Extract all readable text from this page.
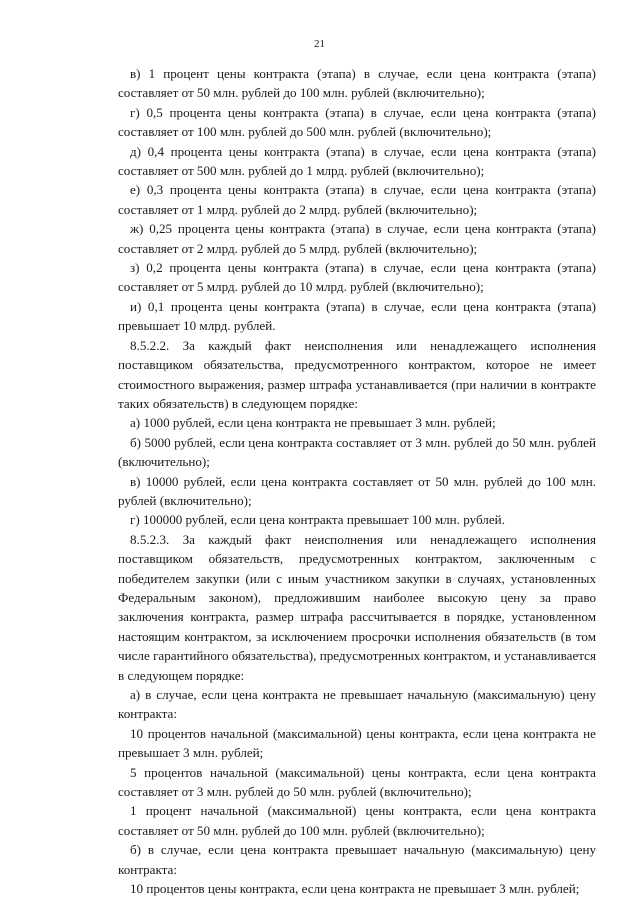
21

в) 1 процент цены контракта (этапа) в случае, если цена контракта (этапа) составляет от 50 млн. рублей до 100 млн. рублей (включительно);

г) 0,5 процента цены контракта (этапа) в случае, если цена контракта (этапа) составляет от 100 млн. рублей до 500 млн. рублей (включительно);

д) 0,4 процента цены контракта (этапа) в случае, если цена контракта (этапа) составляет от 500 млн. рублей до 1 млрд. рублей (включительно);

е) 0,3 процента цены контракта (этапа) в случае, если цена контракта (этапа) составляет от 1 млрд. рублей до 2 млрд. рублей (включительно);

ж) 0,25 процента цены контракта (этапа) в случае, если цена контракта (этапа) составляет от 2 млрд. рублей до 5 млрд. рублей (включительно);

з) 0,2 процента цены контракта (этапа) в случае, если цена контракта (этапа) составляет от 5 млрд. рублей до 10 млрд. рублей (включительно);

и) 0,1 процента цены контракта (этапа) в случае, если цена контракта (этапа) превышает 10 млрд. рублей.

8.5.2.2. За каждый факт неисполнения или ненадлежащего исполнения поставщиком обязательства, предусмотренного контрактом, которое не имеет стоимостного выражения, размер штрафа устанавливается (при наличии в контракте таких обязательств) в следующем порядке:

а) 1000 рублей, если цена контракта не превышает 3 млн. рублей;

б) 5000 рублей, если цена контракта составляет от 3 млн. рублей до 50 млн. рублей (включительно);

в) 10000 рублей, если цена контракта составляет от 50 млн. рублей до 100 млн. рублей (включительно);

г) 100000 рублей, если цена контракта превышает 100 млн. рублей.

8.5.2.3. За каждый факт неисполнения или ненадлежащего исполнения поставщиком обязательств, предусмотренных контрактом, заключенным с победителем закупки (или с иным участником закупки в случаях, установленных Федеральным законом), предложившим наиболее высокую цену за право заключения контракта, размер штрафа рассчитывается в порядке, установленном настоящим контрактом, за исключением просрочки исполнения обязательств (в том числе гарантийного обязательства), предусмотренных контрактом, и устанавливается в следующем порядке:

а) в случае, если цена контракта не превышает начальную (максимальную) цену контракта:

10 процентов начальной (максимальной) цены контракта, если цена контракта не превышает 3 млн. рублей;

5 процентов начальной (максимальной) цены контракта, если цена контракта составляет от 3 млн. рублей до 50 млн. рублей (включительно);

1 процент начальной (максимальной) цены контракта, если цена контракта составляет от 50 млн. рублей до 100 млн. рублей (включительно);

б) в случае, если цена контракта превышает начальную (максимальную) цену контракта:

10 процентов цены контракта, если цена контракта не превышает 3 млн. рублей;
